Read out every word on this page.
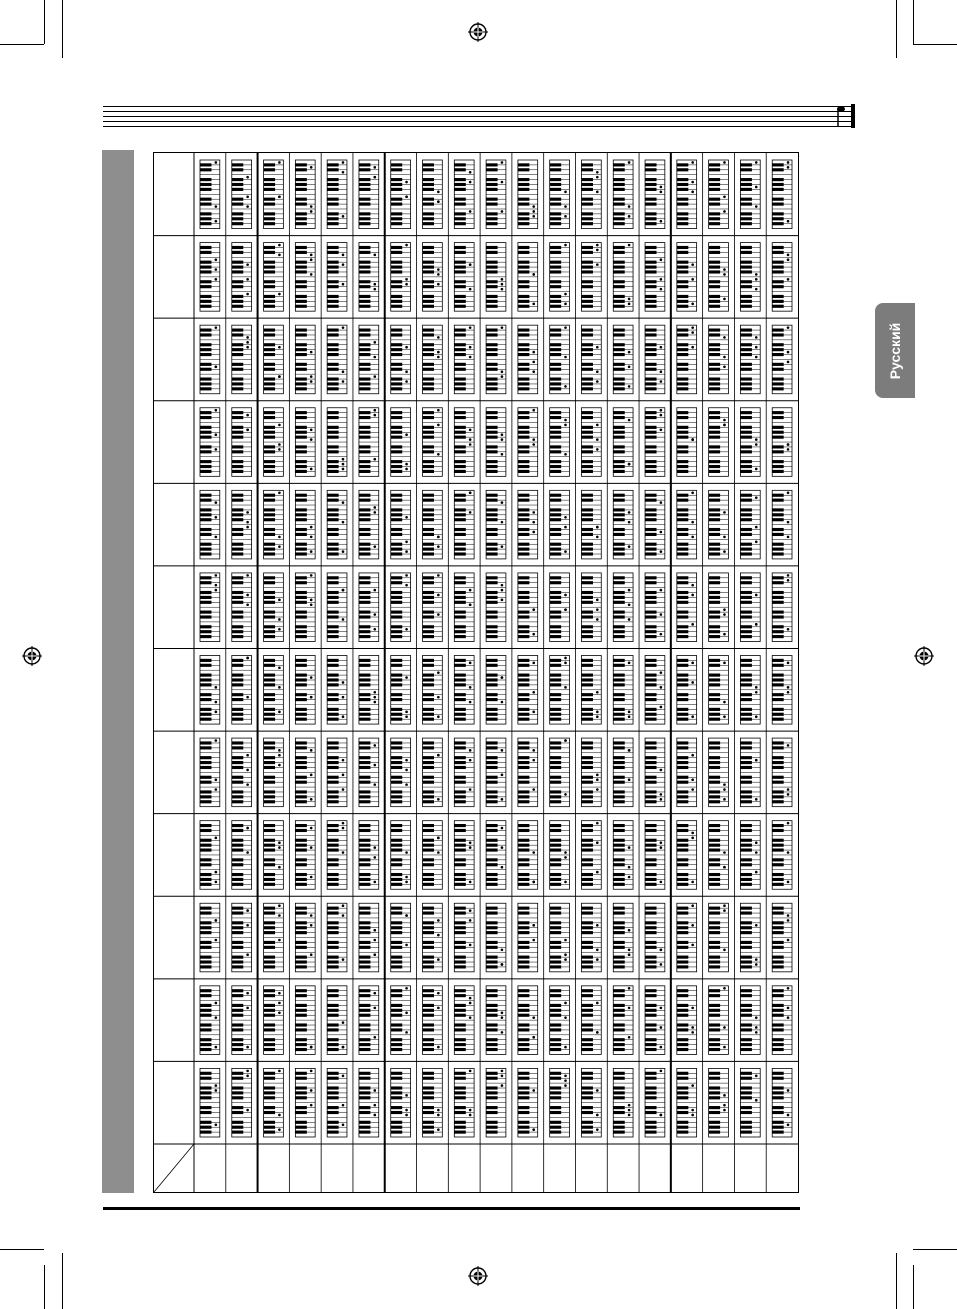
Русский
